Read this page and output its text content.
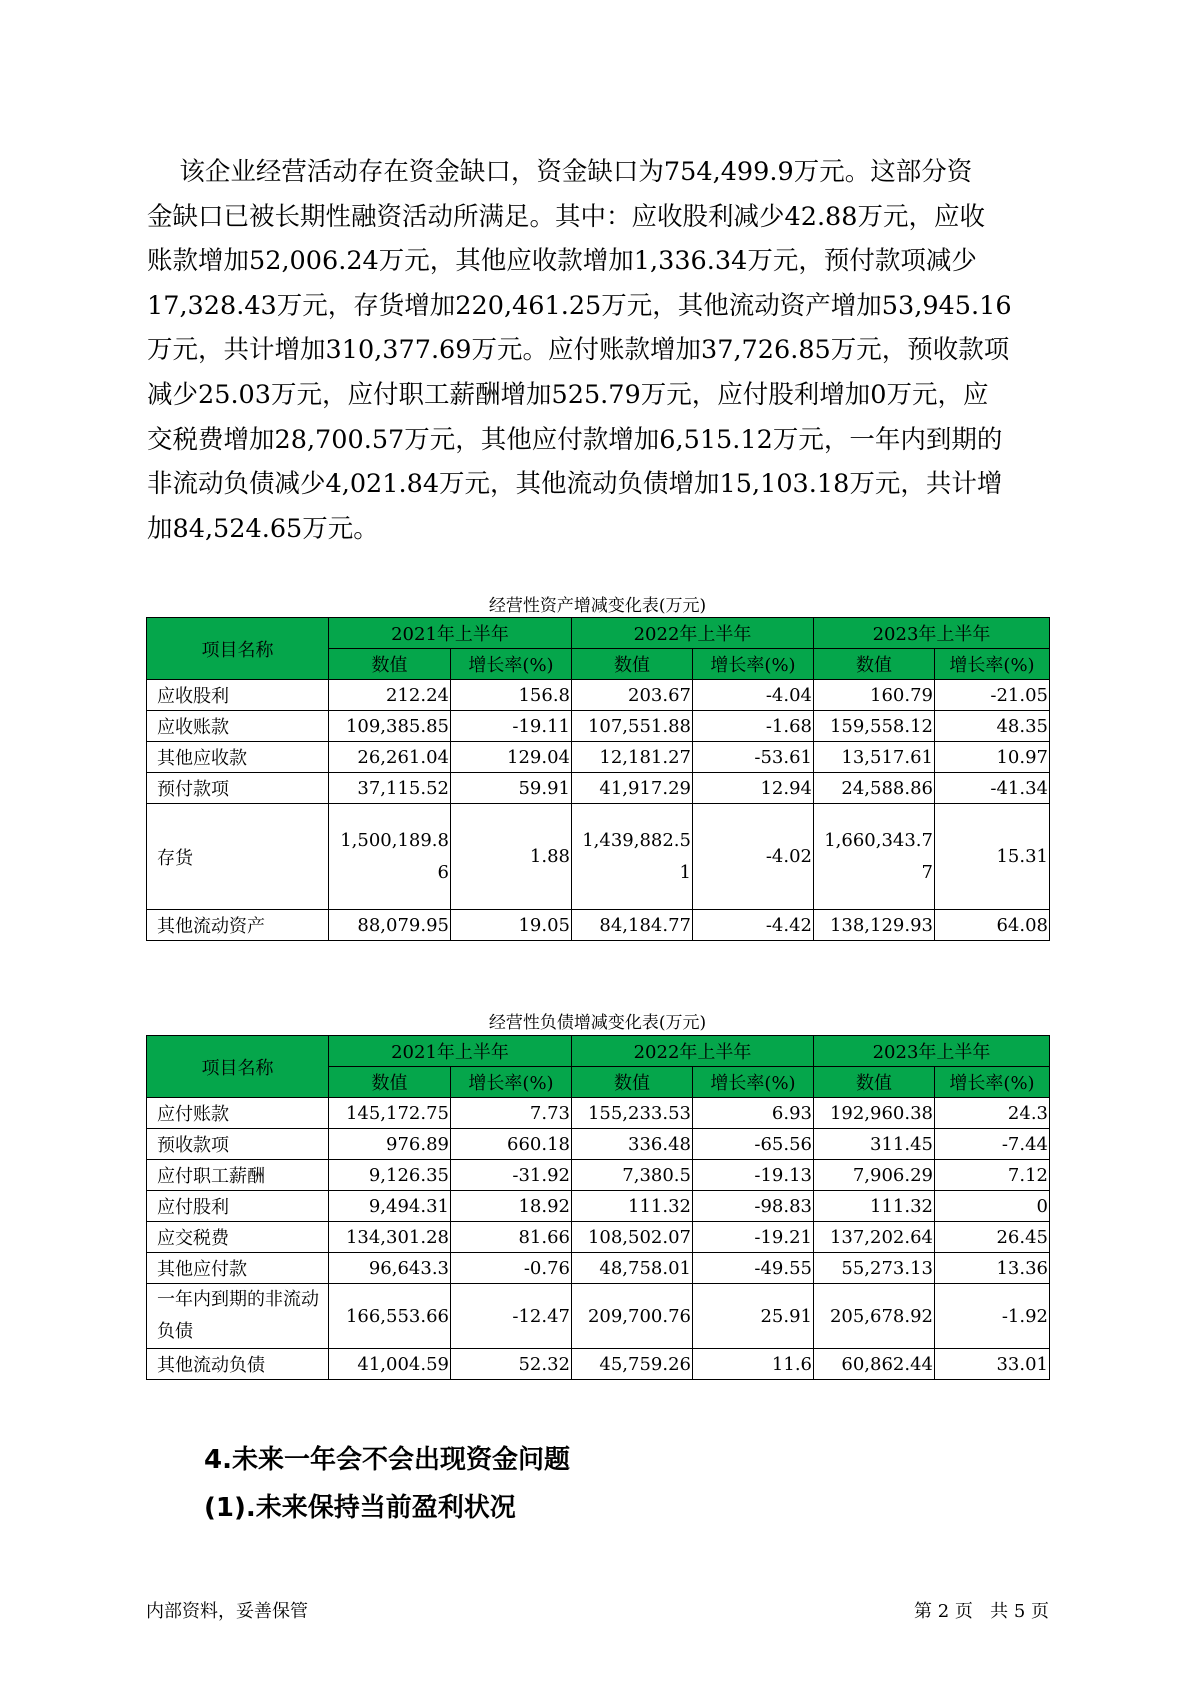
该企业经营活动存在资金缺口，资金缺口为754,499.9万元。这部分资
金缺口已被长期性融资活动所满足。其中：应收股利减少42.88万元，应收
账款增加52,006.24万元，其他应收款增加1,336.34万元，预付款项减少
17,328.43万元，存货增加220,461.25万元，其他流动资产增加53,945.16
万元，共计增加310,377.69万元。应付账款增加37,726.85万元，预收款项
减少25.03万元，应付职工薪酬增加525.79万元，应付股利增加0万元，应
交税费增加28,700.57万元，其他应付款增加6,515.12万元，一年内到期的
非流动负债减少4,021.84万元，其他流动负债增加15,103.18万元，共计增
加84,524.65万元。
经营性资产增减变化表(万元)
项目名称	2021年上半年		2022年上半年		2023年上半年	
	数值	增长率(%)	数值	增长率(%)	数值	增长率(%)
应收股利	212.24	156.8	203.67	-4.04	160.79	-21.05
应收账款	109,385.85	-19.11	107,551.88	-1.68	159,558.12	48.35
其他应收款	26,261.04	129.04	12,181.27	-53.61	13,517.61	10.97
预付款项	37,115.52	59.91	41,917.29	12.94	24,588.86	-41.34
存货	1,500,189.86	1.88	1,439,882.51	-4.02	1,660,343.77	15.31
其他流动资产	88,079.95	19.05	84,184.77	-4.42	138,129.93	64.08
经营性负债增减变化表(万元)
项目名称	2021年上半年		2022年上半年		2023年上半年	
	数值	增长率(%)	数值	增长率(%)	数值	增长率(%)
应付账款	145,172.75	7.73	155,233.53	6.93	192,960.38	24.3
预收款项	976.89	660.18	336.48	-65.56	311.45	-7.44
应付职工薪酬	9,126.35	-31.92	7,380.5	-19.13	7,906.29	7.12
应付股利	9,494.31	18.92	111.32	-98.83	111.32	0
应交税费	134,301.28	81.66	108,502.07	-19.21	137,202.64	26.45
其他应付款	96,643.3	-0.76	48,758.01	-49.55	55,273.13	13.36
一年内到期的非流动负债	166,553.66	-12.47	209,700.76	25.91	205,678.92	-1.92
其他流动负债	41,004.59	52.32	45,759.26	11.6	60,862.44	33.01
4.未来一年会不会出现资金问题
(1).未来保持当前盈利状况
内部资料，妥善保管	第 2 页   共 5 页
